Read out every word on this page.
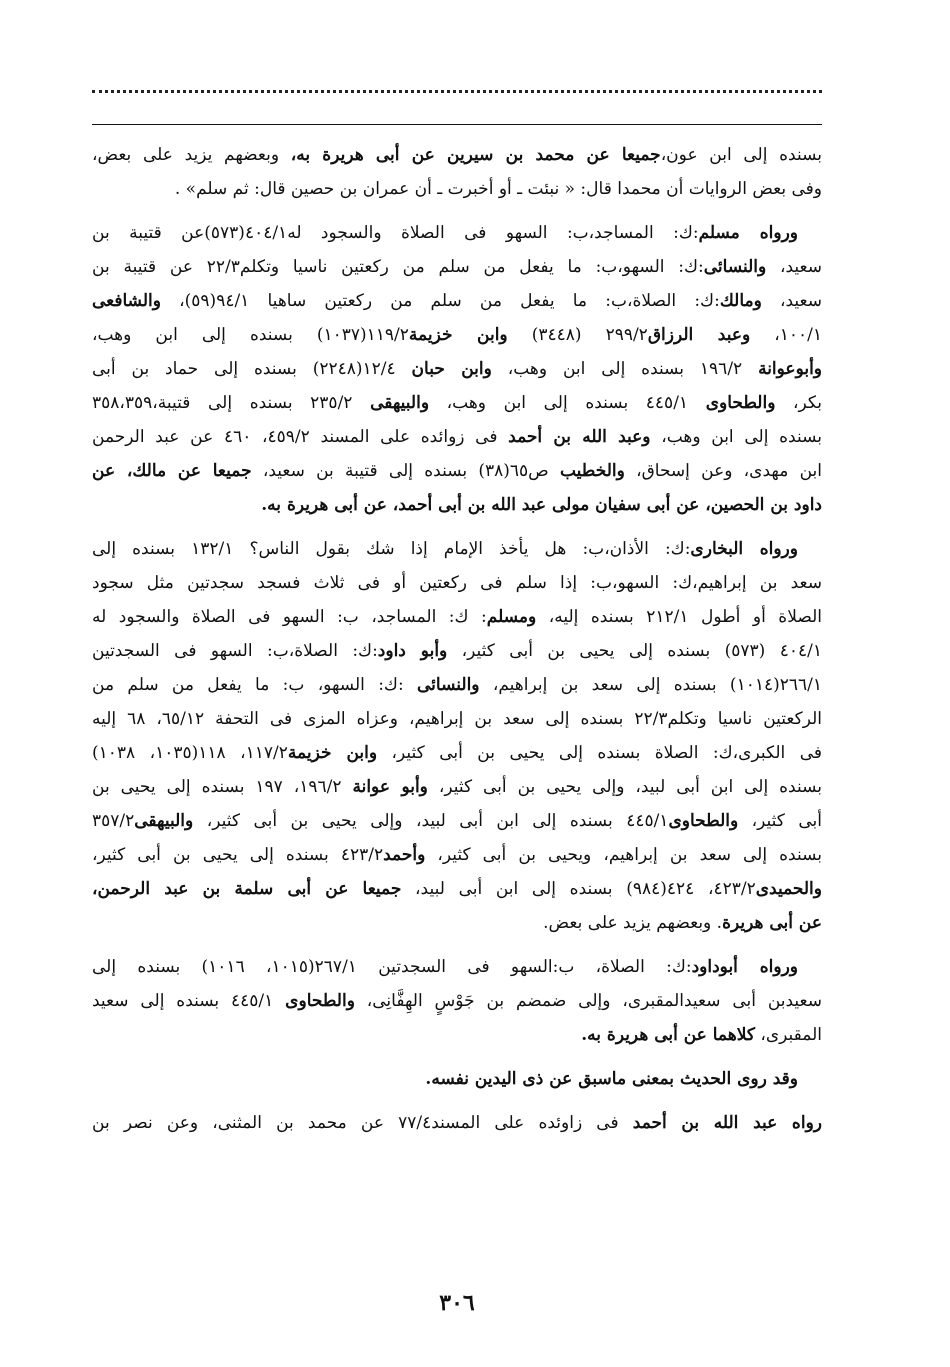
بسنده إلى ابن عون،جميعا عن محمد بن سيرين عن أبى هريرة به، وبعضهم يزيد على بعض،
وفى بعض الروايات أن محمدا قال: « نبئت ـ أو أخبرت ـ أن عمران بن حصين قال: ثم سلم» .
ورواه مسلم:ك: المساجد،ب: السهو فى الصلاة والسجود له٤٠٤/١(٥٧٣)عن قتيبة بن
سعيد، والنسائى:ك: السهو،ب: ما يفعل من سلم من ركعتين ناسيا وتكلم٢٢/٣ عن قتيبة بن
سعيد، ومالك:ك: الصلاة،ب: ما يفعل من سلم من ركعتين ساهيا ٩٤/١(٥٩)، والشافعى
١٠٠/١، وعبد الرزاق٢٩٩/٢ (٣٤٤٨) وابن خزيمة١١٩/٢(١٠٣٧) بسنده إلى ابن وهب،
وأبوعوانة ١٩٦/٢ بسنده إلى ابن وهب، وابن حبان ١٢/٤(٢٢٤٨) بسنده إلى حماد بن أبى
بكر، والطحاوى ٤٤٥/١ بسنده إلى ابن وهب، والبيهقى ٢٣٥/٢ بسنده إلى قتيبة،٣٥٨،٣٥٩
بسنده إلى ابن وهب، وعبد الله بن أحمد فى زوائده على المسند ٤٥٩/٢، ٤٦٠ عن عبد الرحمن
ابن مهدى، وعن إسحاق، والخطيب ص٦٥(٣٨) بسنده إلى قتيبة بن سعيد، جميعا عن مالك، عن
داود بن الحصين، عن أبى سفيان مولى عبد الله بن أبى أحمد، عن أبى هريرة به.
ورواه البخارى:ك: الأذان،ب: هل يأخذ الإمام إذا شك بقول الناس؟ ١٣٢/١ بسنده إلى
سعد بن إبراهيم،ك: السهو،ب: إذا سلم فى ركعتين أو فى ثلاث فسجد سجدتين مثل سجود
الصلاة أو أطول ٢١٢/١ بسنده إليه، ومسلم: ك: المساجد، ب: السهو فى الصلاة والسجود له
٤٠٤/١ (٥٧٣) بسنده إلى يحيى بن أبى كثير، وأبو داود:ك: الصلاة،ب: السهو فى السجدتين
٢٦٦/١(١٠١٤) بسنده إلى سعد بن إبراهيم، والنسائى :ك: السهو، ب: ما يفعل من سلم من
الركعتين ناسيا وتكلم٢٢/٣ بسنده إلى سعد بن إبراهيم، وعزاه المزى فى التحفة ٦٥/١٢، ٦٨ إليه
فى الكبرى،ك: الصلاة بسنده إلى يحيى بن أبى كثير، وابن خزيمة١١٧/٢، ١١٨(١٠٣٥، ١٠٣٨)
بسنده إلى ابن أبى لبيد، وإلى يحيى بن أبى كثير، وأبو عوانة ١٩٦/٢، ١٩٧ بسنده إلى يحيى بن
أبى كثير، والطحاوى٤٤٥/١ بسنده إلى ابن أبى لبيد، وإلى يحيى بن أبى كثير، والبيهقى٣٥٧/٢
بسنده إلى سعد بن إبراهيم، ويحيى بن أبى كثير، وأحمد٤٢٣/٢ بسنده إلى يحيى بن أبى كثير،
والحميدى٤٢٣/٢، ٤٢٤(٩٨٤) بسنده إلى ابن أبى لبيد، جميعا عن أبى سلمة بن عبد الرحمن،
عن أبى هريرة. وبعضهم يزيد على بعض.
ورواه أبوداود:ك: الصلاة، ب:السهو فى السجدتين ٢٦٧/١(١٠١٥، ١٠١٦) بسنده إلى
سعيدبن أبى سعيدالمقبرى، وإلى ضمضم بن جَوْسٍ الهِفَّانِى، والطحاوى ٤٤٥/١ بسنده إلى سعيد
المقبرى، كلاهما عن أبى هريرة به.
وقد روى الحديث بمعنى ماسبق عن ذى اليدين نفسه.
رواه عبد الله بن أحمد فى زاوئده على المسند٧٧/٤ عن محمد بن المثنى، وعن نصر بن
٣٠٦
